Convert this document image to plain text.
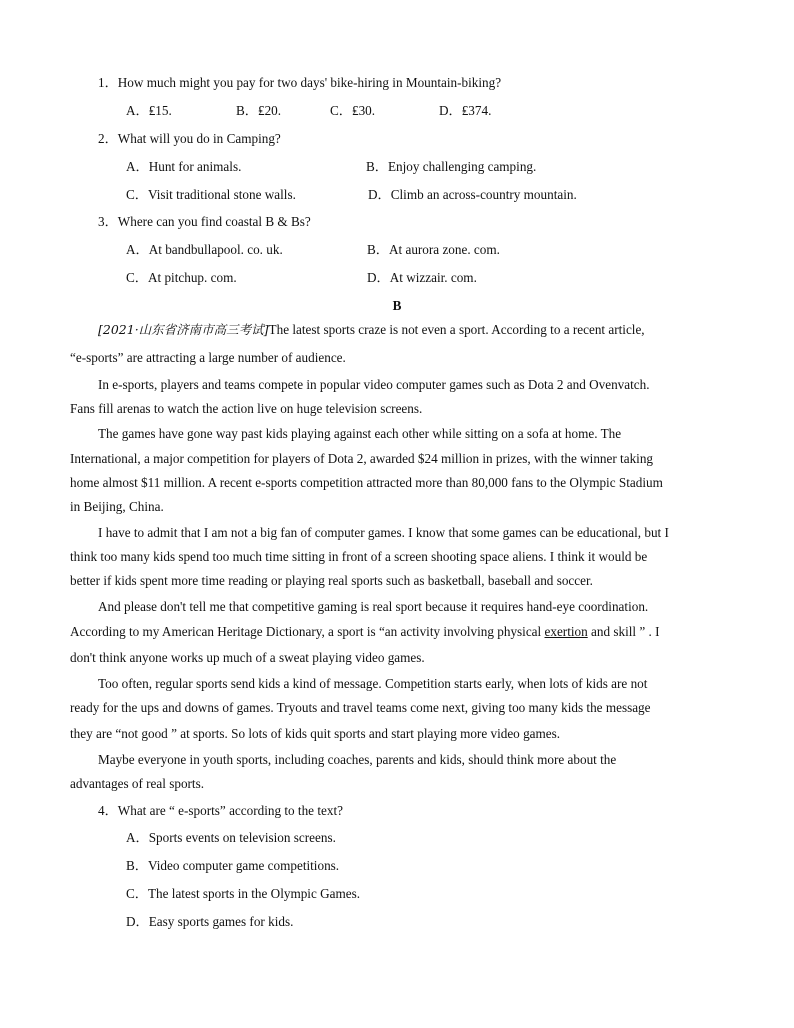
1．How much might you pay for two days' bike-hiring in Mountain-biking?
A．₤15.	B．₤20.	C．₤30.	D．₤374.
2．What will you do in Camping?
A．Hunt for animals.	B．Enjoy challenging camping.
C．Visit traditional stone walls.	D．Climb an across-country mountain.
3．Where can you find coastal B & Bs?
A．At bandbullapool. co. uk.	B．At aurora zone. com.
C．At pitchup. com.	D．At wizzair. com.
B
[2021·山东省济南市高三考试]The latest sports craze is not even a sport. According to a recent article,
“e-sports” are attracting a large number of audience.
In e-sports, players and teams compete in popular video computer games such as Dota 2 and Ovenvatch.
Fans fill arenas to watch the action live on huge television screens.
The games have gone way past kids playing against each other while sitting on a sofa at home. The
International, a major competition for players of Dota 2, awarded $24 million in prizes, with the winner taking
home almost $11 million. A recent e-sports competition attracted more than 80,000 fans to the Olympic Stadium
in Beijing, China.
I have to admit that I am not a big fan of computer games. I know that some games can be educational, but I
think too many kids spend too much time sitting in front of a screen shooting space aliens. I think it would be
better if kids spent more time reading or playing real sports such as basketball, baseball and soccer.
And please don't tell me that competitive gaming is real sport because it requires hand-eye coordination.
According to my American Heritage Dictionary, a sport is “an activity involving physical exertion and skill ” . I
don't think anyone works up much of a sweat playing video games.
Too often, regular sports send kids a kind of message. Competition starts early, when lots of kids are not
ready for the ups and downs of games. Tryouts and travel teams come next, giving too many kids the message
they are “not good ” at sports. So lots of kids quit sports and start playing more video games.
Maybe everyone in youth sports, including coaches, parents and kids, should think more about the
advantages of real sports.
4．What are “ e-sports” according to the text?
A．Sports events on television screens.
B．Video computer game competitions.
C．The latest sports in the Olympic Games.
D．Easy sports games for kids.
